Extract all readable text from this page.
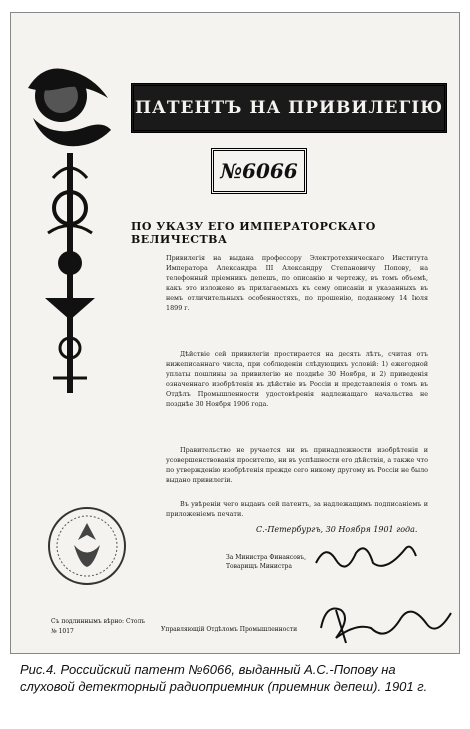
ПАТЕНТЪ НА ПРИВИЛЕГІЮ
№6066
ПО УКАЗУ ЕГО ИМПЕРАТОРСКАГО ВЕЛИЧЕСТВА
Привилегія на выдана профессору Электротехническаго Института Императора Александра III Александру Степановичу Попову, на телефонный пріемникъ депешъ, по описанію и чертежу, въ томъ объемѣ, какъ это изложено въ прилагаемыхъ къ сему описаніи и указанныхъ въ немъ отличительныхъ особенностяхъ, по прошенію, поданному 14 Іюля 1899 г.
Дѣйствіе сей привилегіи простирается на десять лѣтъ, считая отъ нижеписаннаго числа, при соблюденіи слѣдующихъ условій: 1) ежегодной уплаты пошлины за привилегію не позднѣе 30 Ноября, и 2) приведенія означеннаго изобрѣтенія въ дѣйствіе въ Россіи и представленія о томъ въ Отдѣлъ Промышленности удостовѣренія надлежащаго начальства не позднѣе 30 Ноября 1906 года.
Правительство не ручается ни въ принадлежности изобрѣтенія и усовершенствованія просителю, ни въ успѣшности его дѣйствія, а также что по утвержденію изобрѣтенія прежде сего никому другому въ Россіи не было выдано привилегіи.
Въ увѣреніи чего выданъ сей патентъ, за надлежащимъ подписаніемъ и приложеніемъ печати.
С.-Петербургъ, 30 Ноября 1901 года.
За Министра Финансовъ,
Товарищъ Министра
Съ подлиннымъ вѣрно: Столъ
№ 1017	Управляющій Отдѣломъ Промышленности
Рис.4. Российский патент №6066, выданный А.С.-Попову на слуховой детекторный радиоприемник (приемник депеш). 1901 г.
